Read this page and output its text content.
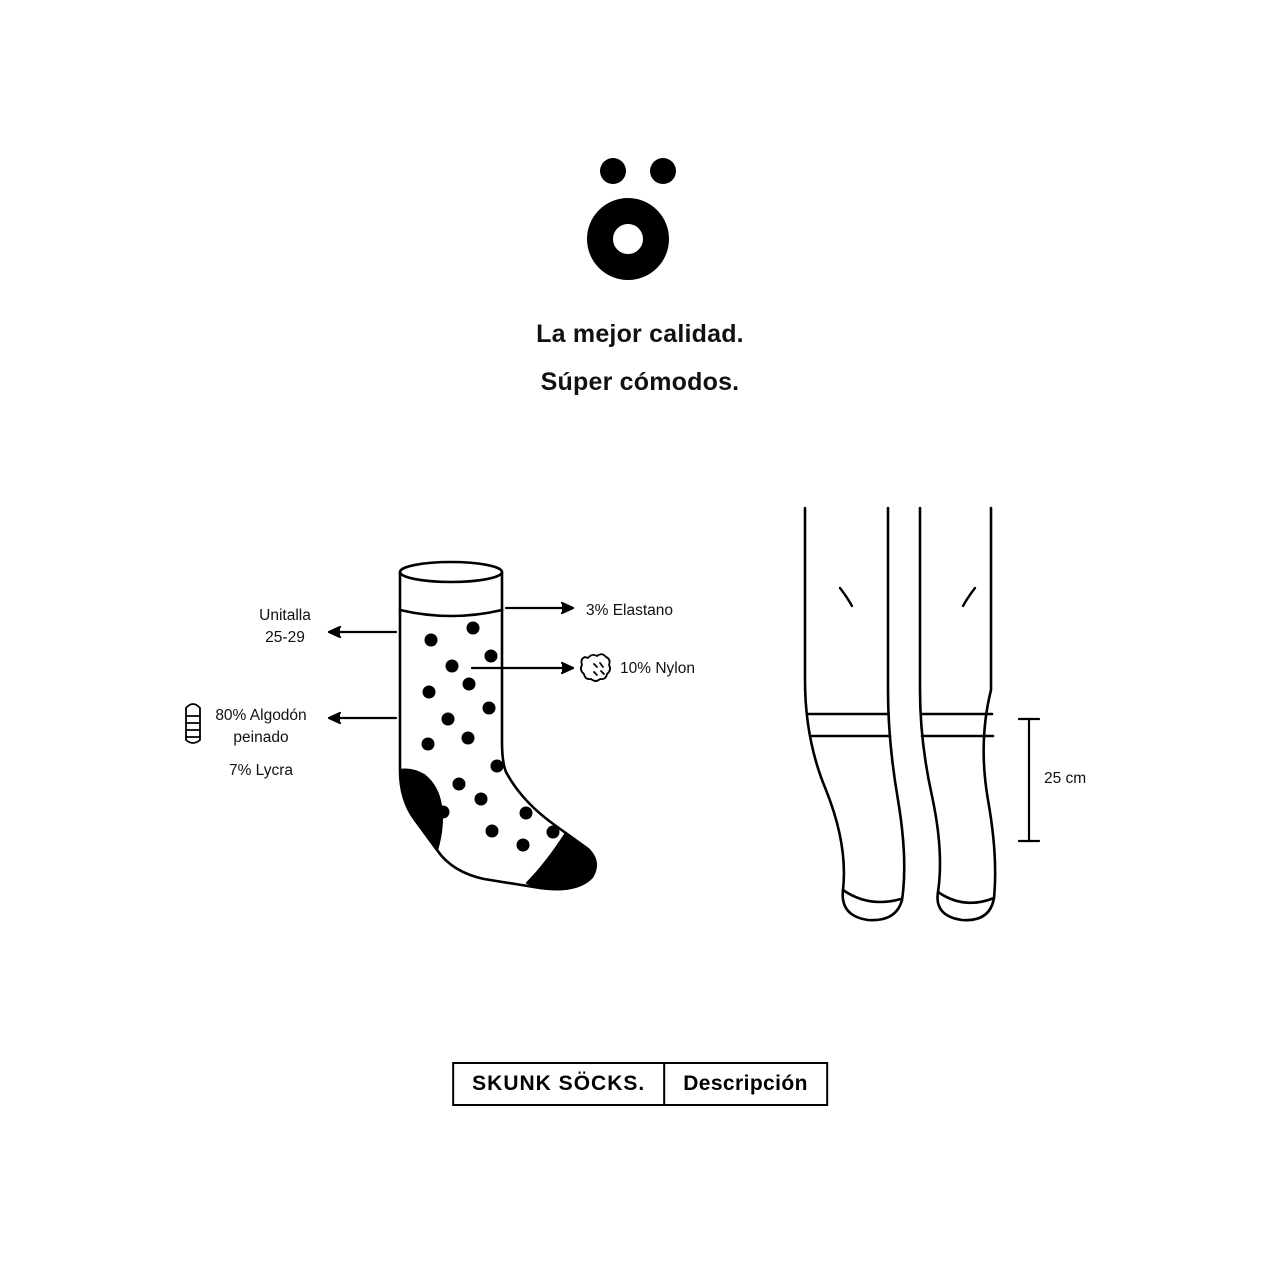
La mejor calidad.
Súper cómodos.
Unitalla
25-29
80% Algodón
peinado
7% Lycra
3% Elastano
10% Nylon
25 cm
SKUNK SÖCKS.	Descripción
